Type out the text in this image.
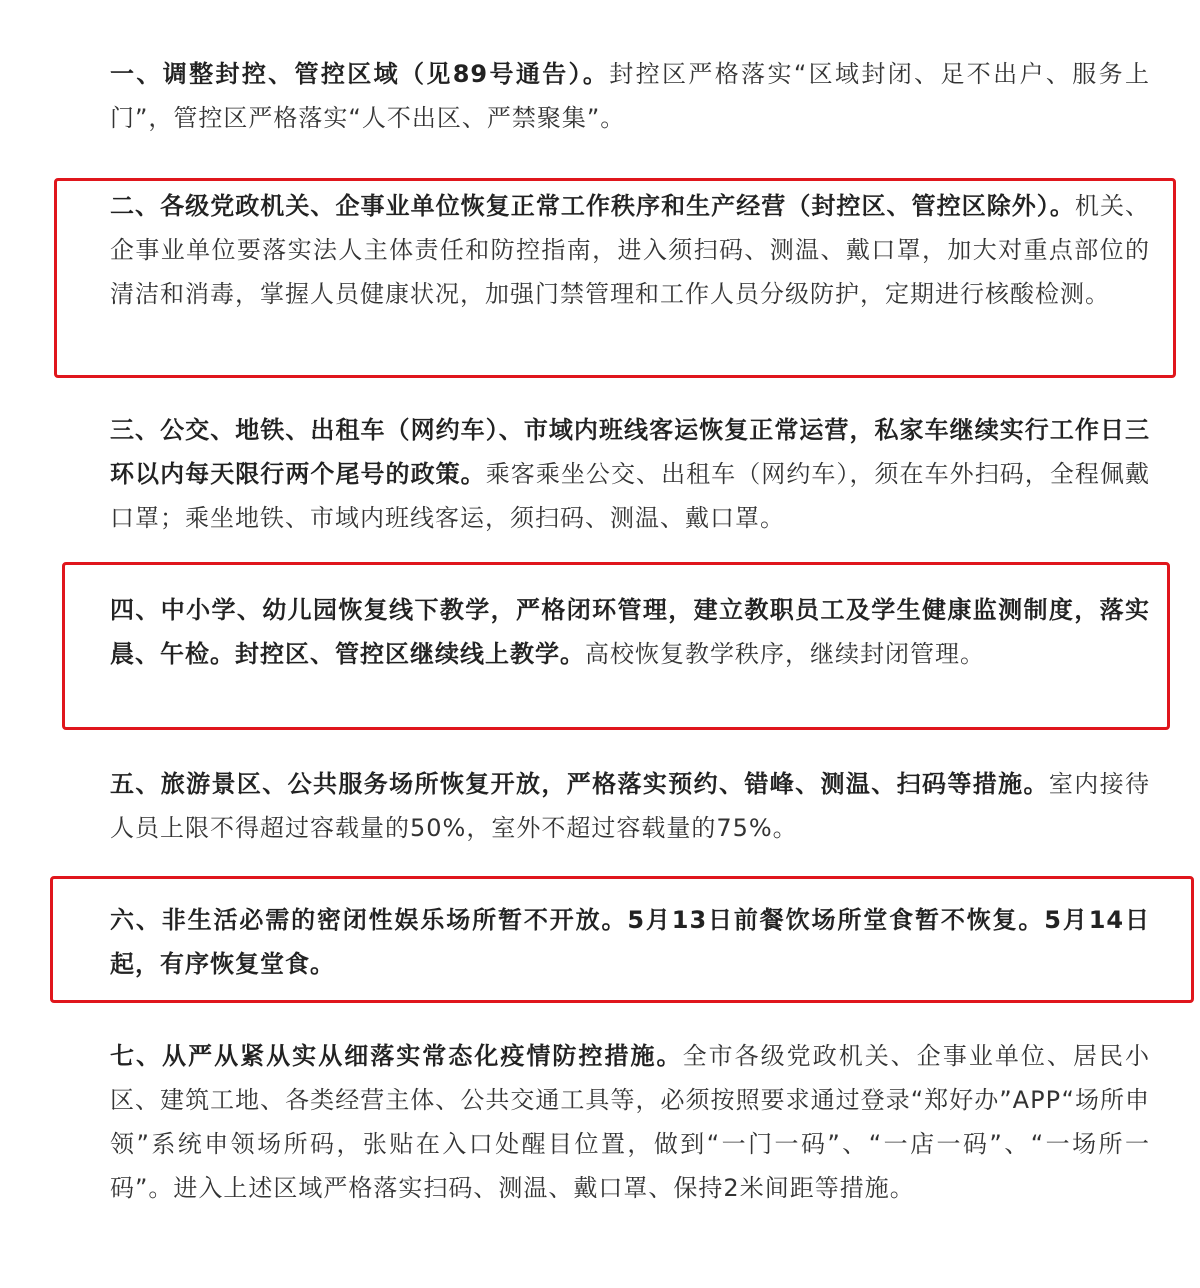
一、调整封控、管控区域（见89号通告）。封控区严格落实“区域封闭、足不出户、服务上门”，管控区严格落实“人不出区、严禁聚集”。

二、各级党政机关、企事业单位恢复正常工作秩序和生产经营（封控区、管控区除外）。机关、企事业单位要落实法人主体责任和防控指南，进入须扫码、测温、戴口罩，加大对重点部位的清洁和消毒，掌握人员健康状况，加强门禁管理和工作人员分级防护，定期进行核酸检测。

三、公交、地铁、出租车（网约车）、市域内班线客运恢复正常运营，私家车继续实行工作日三环以内每天限行两个尾号的政策。乘客乘坐公交、出租车（网约车），须在车外扫码，全程佩戴口罩；乘坐地铁、市域内班线客运，须扫码、测温、戴口罩。

四、中小学、幼儿园恢复线下教学，严格闭环管理，建立教职员工及学生健康监测制度，落实晨、午检。封控区、管控区继续线上教学。高校恢复教学秩序，继续封闭管理。

五、旅游景区、公共服务场所恢复开放，严格落实预约、错峰、测温、扫码等措施。室内接待人员上限不得超过容载量的50%，室外不超过容载量的75%。

六、非生活必需的密闭性娱乐场所暂不开放。5月13日前餐饮场所堂食暂不恢复。5月14日起，有序恢复堂食。

七、从严从紧从实从细落实常态化疫情防控措施。全市各级党政机关、企事业单位、居民小区、建筑工地、各类经营主体、公共交通工具等，必须按照要求通过登录“郑好办”APP“场所申领”系统申领场所码，张贴在入口处醒目位置，做到“一门一码”、“一店一码”、“一场所一码”。进入上述区域严格落实扫码、测温、戴口罩、保持2米间距等措施。
